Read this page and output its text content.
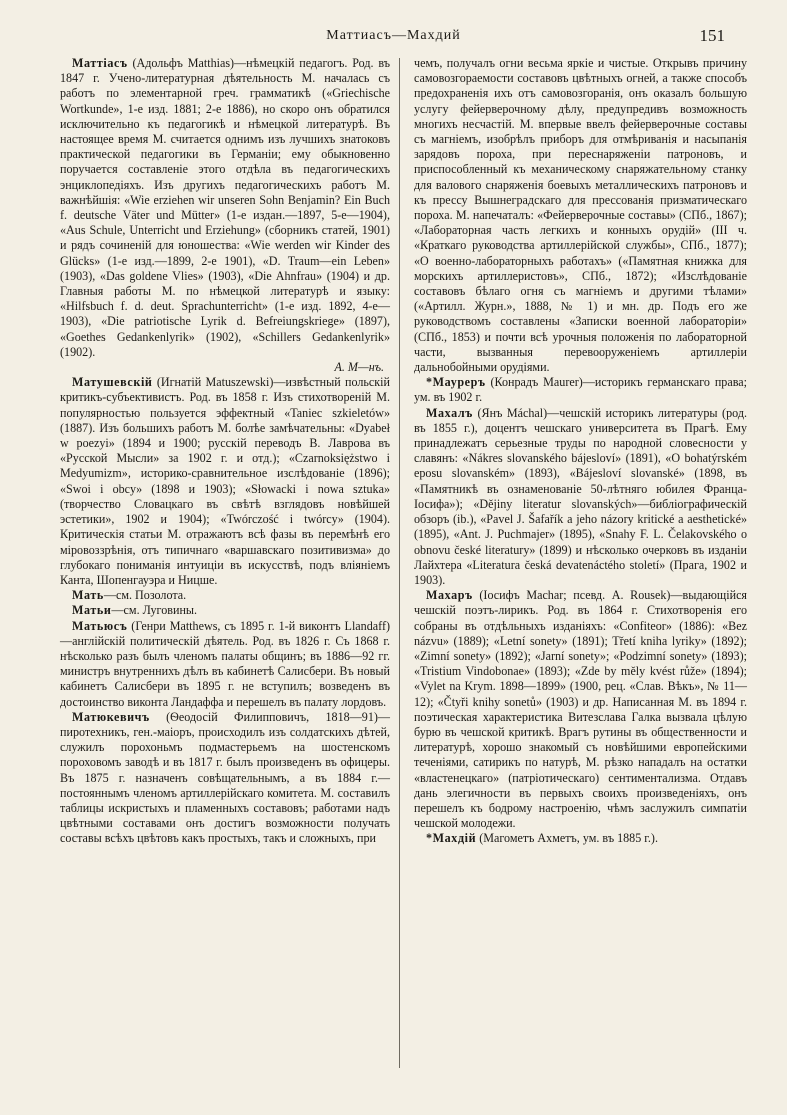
Маттиасъ—Махдий	151

Маттіасъ (Адольфъ Matthias)—нѣмецкій педагогъ. Род. въ 1847 г. Учено-литературная дѣятельность М. началась съ работъ по элементарной греч. грамматикѣ («Griechische Wortkunde», 1-е изд. 1881; 2-е 1886), но скоро онъ обратился исключительно къ педагогикѣ и нѣмецкой литературѣ. Въ настоящее время М. считается однимъ изъ лучшихъ знатоковъ практической педагогики въ Германіи; ему обыкновенно поручается составленіе этого отдѣла въ педагогическихъ энциклопедіяхъ. Изъ другихъ педагогическихъ работъ М. важнѣйшія: «Wie erziehen wir unseren Sohn Benjamin? Ein Buch f. deutsche Väter und Mütter» (1-е издан.—1897, 5-е—1904), «Aus Schule, Unterricht und Erziehung» (сборникъ статей, 1901) и рядъ сочиненій для юношества: «Wie werden wir Kinder des Glücks» (1-е изд.—1899, 2-е 1901), «D. Traum—ein Leben» (1903), «Das goldene Vlies» (1903), «Die Ahnfrau» (1904) и др. Главныя работы М. по нѣмецкой литературѣ и языку: «Hilfsbuch f. d. deut. Sprachunterricht» (1-е изд. 1892, 4-е—1903), «Die patriotische Lyrik d. Befreiungskriege» (1897), «Goethes Gedankenlyrik» (1902), «Schillers Gedankenlyrik» (1902).
А. М—нъ.

Матушевскій (Игнатій Matuszewski)—извѣстный польскій критикъ-субъективистъ. Род. въ 1858 г. Изъ стихотвореній М. популярностью пользуется эффектный «Taniec szkieletów» (1887). Изъ большихъ работъ М. болѣе замѣчательны: «Dyabeł w poezyi» (1894 и 1900; русскій переводъ В. Лаврова въ «Русской Мысли» за 1902 г. и отд.); «Czarnoksiężstwo i Medyumizm», историко-сравнительное изслѣдованіе (1896); «Swoi i obcy» (1898 и 1903); «Słowacki i nowa sztuka» (творчество Словацкаго въ свѣтѣ взглядовъ новѣйшей эстетики», 1902 и 1904); «Twórczość i twórcy» (1904). Критическія статьи М. отражаютъ всѣ фазы въ перемѣнѣ его міровоззрѣнія, отъ типичнаго «варшавскаго позитивизма» до глубокаго пониманія интуиціи въ искусствѣ, подъ вліяніемъ Канта, Шопенгауэра и Ницше.

Мать—см. Позолота.

Матьи—см. Луговины.

Матьюсъ (Генри Matthews, съ 1895 г. 1-й виконтъ Llandaff)—англійскій политическій дѣятель. Род. въ 1826 г. Съ 1868 г. нѣсколько разъ былъ членомъ палаты общинъ; въ 1886—92 гг. министръ внутреннихъ дѣлъ въ кабинетѣ Салисбери. Въ новый кабинетъ Салисбери въ 1895 г. не вступилъ; возведенъ въ достоинство виконта Ландаффа и перешелъ въ палату лордовъ.

Матюкевичъ (Ѳеодосій Филипповичъ, 1818—91)—пиротехникъ, ген.-маіоръ, происходилъ изъ солдатскихъ дѣтей, служилъ порохоньмъ подмастерьемъ на шостенскомъ пороховомъ заводѣ и въ 1817 г. былъ произведенъ въ офицеры. Въ 1875 г. назначенъ совѣщательнымъ, а въ 1884 г.—постояннымъ членомъ артиллерійскаго комитета. М. составилъ таблицы искристыхъ и пламенныхъ составовъ; работами надъ цвѣтными составами онъ достигъ возможности получать составы всѣхъ цвѣтовъ какъ простыхъ, такъ и сложныхъ, при

чемъ, получалъ огни весьма яркіе и чистые. Открывъ причину самовозгораемости составовъ цвѣтныхъ огней, а также способъ предохраненія ихъ отъ самовозгоранія, онъ оказалъ большую услугу фейерверочному дѣлу, предупредивъ возможность многихъ несчастій. М. впервые ввелъ фейерверочные составы съ магніемъ, изобрѣлъ приборъ для отмѣриванія и насыпанія зарядовъ пороха, при переснаряженіи патроновъ, и приспособленный къ механическому снаряжательному станку для валового снаряженія боевыхъ металлическихъ патроновъ и къ прессу Вышнеградскаго для прессованія призматическаго пороха. М. напечаталъ: «Фейерверочные составы» (СПб., 1867); «Лабораторная часть легкихъ и конныхъ орудій» (III ч. «Краткаго руководства артиллерійской службы», СПб., 1877); «О военно-лабораторныхъ работахъ» («Памятная книжка для морскихъ артиллеристовъ», СПб., 1872); «Изслѣдованіе составовъ бѣлаго огня съ магніемъ и другими тѣлами» («Артилл. Журн.», 1888, № 1) и мн. др. Подъ его же руководствомъ составлены «Записки военной лабораторіи» (СПб., 1853) и почти всѣ урочныя положенія по лабораторной части, вызванныя перевооруженіемъ артиллеріи дальнобойными орудіями.

*Мауреръ (Конрадъ Maurer)—историкъ германскаго права; ум. въ 1902 г.

Махалъ (Янъ Máchal)—чешскій историкъ литературы (род. въ 1855 г.), доцентъ чешскаго университета въ Прагѣ. Ему принадлежатъ серьезные труды по народной словесности у славянъ: «Nákres slovanského bájesloví» (1891), «O bohatýrském eposu slovanském» (1893), «Bájesloví slovanské» (1898, въ «Памятникѣ въ ознаменованіе 50-лѣтняго юбилея Франца-Іосифа»); «Dějiny literatur slovanských»—библіографическій обзоръ (ib.), «Pavel J. Šafařík a jeho názory kritické a aesthetické» (1895), «Ant. J. Puchmajer» (1895), «Snahy F. L. Čelakovského o obnovu české literatury» (1899) и нѣсколько очерковъ въ изданіи Лайхтера «Literatura česká devatenáctého století» (Прага, 1902 и 1903).

Махаръ (Іосифъ Machar; псевд. A. Rousek)—выдающійся чешскій поэтъ-лирикъ. Род. въ 1864 г. Стихотворенія его собраны въ отдѣльныхъ изданіяхъ: «Confiteor» (1886): «Bez názvu» (1889); «Letní sonety» (1891); Třetí kniha lyriky» (1892); «Zimní sonety» (1892); «Jarní sonety»; «Podzimní sonety» (1893); «Tristium Vindobonae» (1893); «Zde by měly kvést růže» (1894); «Vylet na Krym. 1898—1899» (1900, рец. «Слав. Вѣкъ», № 11—12); «Čtyři knihy sonetů» (1903) и др. Написанная М. въ 1894 г. поэтическая характеристика Витезслава Галка вызвала цѣлую бурю въ чешской критикѣ. Врагъ рутины въ общественности и литературѣ, хорошо знакомый съ новѣйшими европейскими теченіями, сатирикъ по натурѣ, М. рѣзко нападалъ на остатки «властенецкаго» (патріотическаго) сентиментализма. Отдавъ дань элегичности въ первыхъ своихъ произведеніяхъ, онъ перешелъ къ бодрому настроенію, чѣмъ заслужилъ симпатіи чешской молодежи.

*Махдій (Магометъ Ахметъ, ум. въ 1885 г.).
